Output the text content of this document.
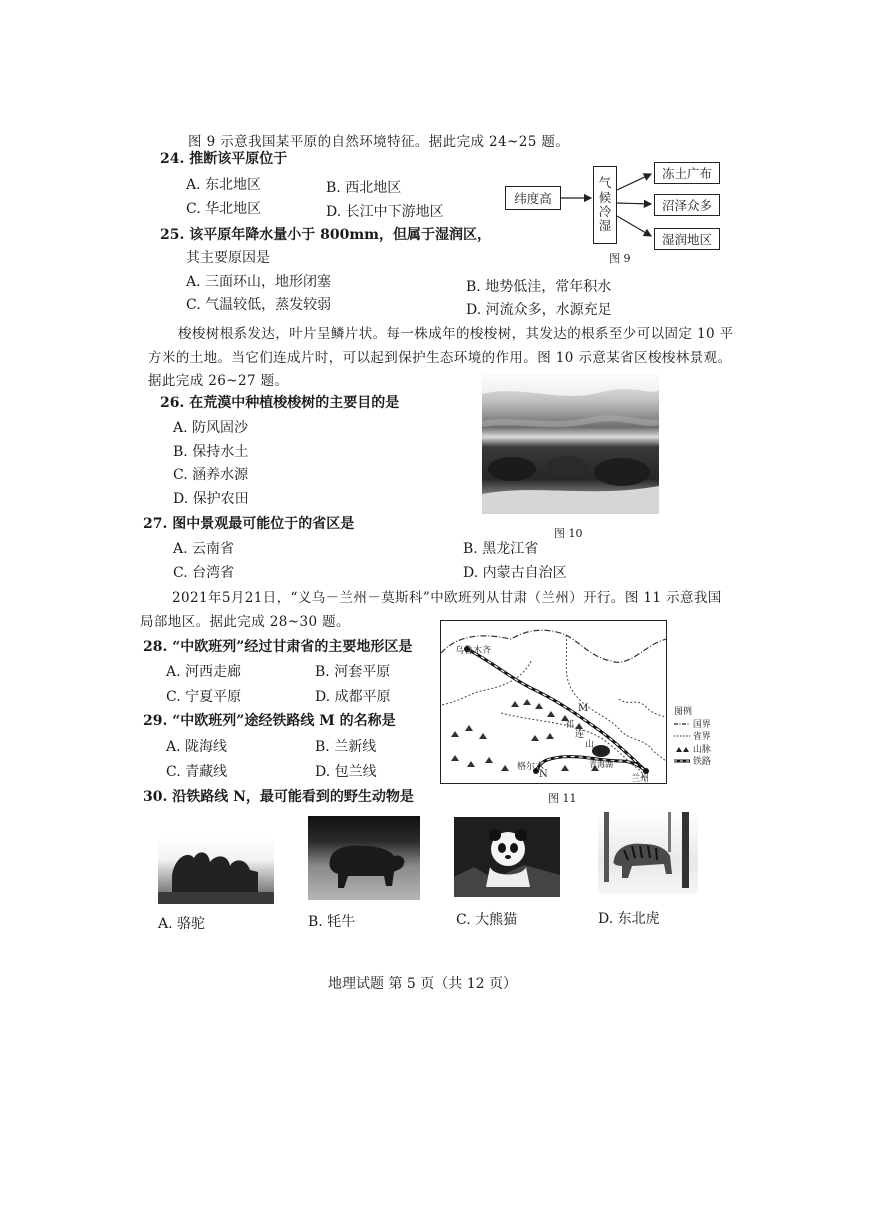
图 9 示意我国某平原的自然环境特征。据此完成 24~25 题。
24. 推断该平原位于
A. 东北地区	B. 西北地区
C. 华北地区	D. 长江中下游地区
纬度高
气
候
冷
湿
冻土广布
沼泽众多
湿润地区
图 9
25. 该平原年降水量小于 800mm，但属于湿润区，
其主要原因是
A. 三面环山，地形闭塞	B. 地势低洼，常年积水
C. 气温较低，蒸发较弱	D. 河流众多，水源充足
梭梭树根系发达，叶片呈鳞片状。每一株成年的梭梭树，其发达的根系至少可以固定 10 平
方米的土地。当它们连成片时，可以起到保护生态环境的作用。图 10 示意某省区梭梭林景观。
据此完成 26~27 题。
26. 在荒漠中种植梭梭树的主要目的是
A. 防风固沙
B. 保持水土
C. 涵养水源
D. 保护农田
图 10
27. 图中景观最可能位于的省区是
A. 云南省	B. 黑龙江省
C. 台湾省	D. 内蒙古自治区
2021年5月21日，“义乌－兰州－莫斯科”中欧班列从甘肃（兰州）开行。图 11 示意我国
局部地区。据此完成 28~30 题。
28. “中欧班列”经过甘肃省的主要地形区是
A. 河西走廊	B. 河套平原
C. 宁夏平原	D. 成都平原
29. “中欧班列”途经铁路线 M 的名称是
A. 陇海线	B. 兰新线
C. 青藏线	D. 包兰线
乌鲁木齐
M
祁
连
山
脉
格尔木
N
青海湖
兰州
图例
国界
省界
山脉
铁路
图 11
30. 沿铁路线 N，最可能看到的野生动物是
A. 骆驼	B. 牦牛	C. 大熊猫	D. 东北虎
地理试题 第 5 页（共 12 页）
